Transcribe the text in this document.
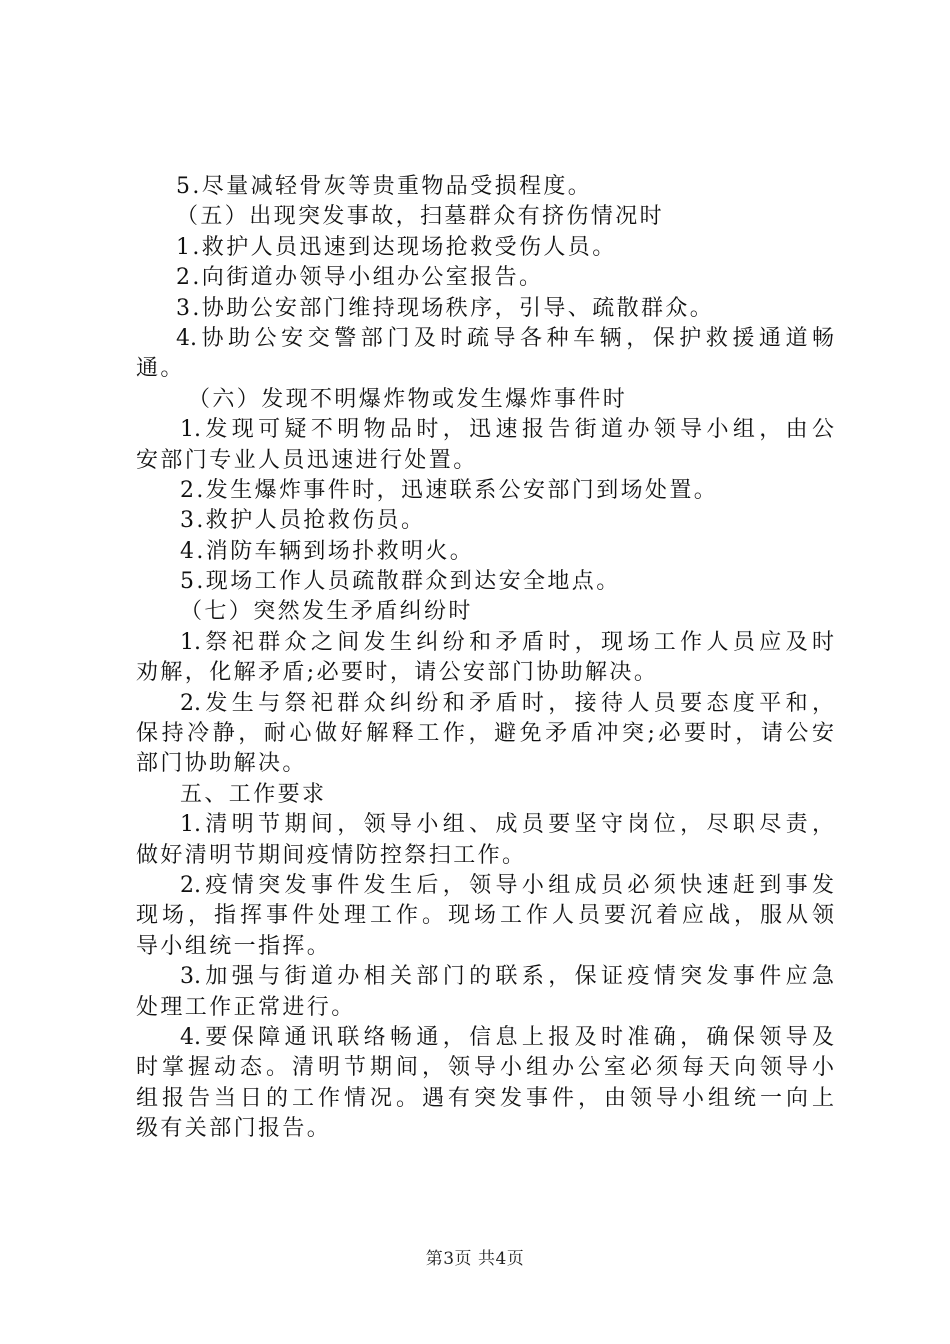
5.尽量减轻骨灰等贵重物品受损程度。
（五）出现突发事故，扫墓群众有挤伤情况时
1.救护人员迅速到达现场抢救受伤人员。
2.向街道办领导小组办公室报告。
3.协助公安部门维持现场秩序，引导、疏散群众。
4.协助公安交警部门及时疏导各种车辆，保护救援通道畅
通。
（六）发现不明爆炸物或发生爆炸事件时
1.发现可疑不明物品时，迅速报告街道办领导小组，由公
安部门专业人员迅速进行处置。
2.发生爆炸事件时，迅速联系公安部门到场处置。
3.救护人员抢救伤员。
4.消防车辆到场扑救明火。
5.现场工作人员疏散群众到达安全地点。
（七）突然发生矛盾纠纷时
1.祭祀群众之间发生纠纷和矛盾时，现场工作人员应及时
劝解，化解矛盾;必要时，请公安部门协助解决。
2.发生与祭祀群众纠纷和矛盾时，接待人员要态度平和，
保持冷静，耐心做好解释工作，避免矛盾冲突;必要时，请公安
部门协助解决。
五、工作要求
1.清明节期间，领导小组、成员要坚守岗位，尽职尽责，
做好清明节期间疫情防控祭扫工作。
2.疫情突发事件发生后，领导小组成员必须快速赶到事发
现场，指挥事件处理工作。现场工作人员要沉着应战，服从领
导小组统一指挥。
3.加强与街道办相关部门的联系，保证疫情突发事件应急
处理工作正常进行。
4.要保障通讯联络畅通，信息上报及时准确，确保领导及
时掌握动态。清明节期间，领导小组办公室必须每天向领导小
组报告当日的工作情况。遇有突发事件，由领导小组统一向上
级有关部门报告。
第3页 共4页
